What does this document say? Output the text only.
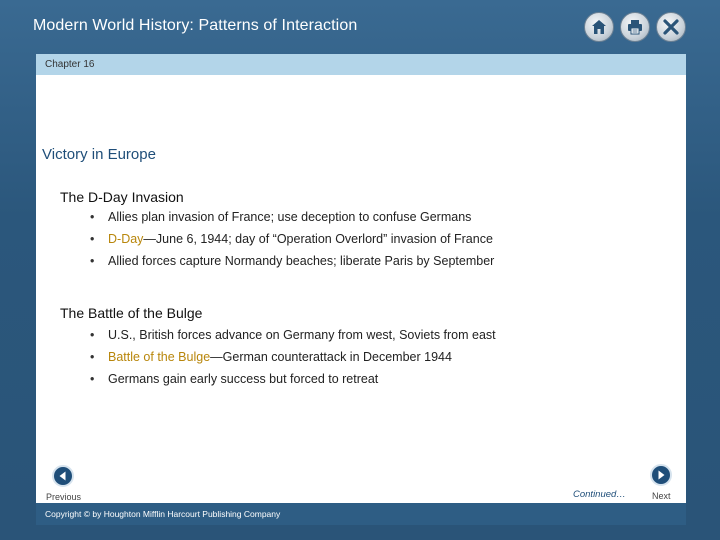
Modern World History: Patterns of Interaction
Chapter 16
Victory in Europe
The D-Day Invasion
• Allies plan invasion of France; use deception to confuse Germans
• D-Day—June 6, 1944; day of “Operation Overlord” invasion of France
• Allied forces capture Normandy beaches; liberate Paris by September
The Battle of the Bulge
• U.S., British forces advance on Germany from west, Soviets from east
• Battle of the Bulge—German counterattack in December 1944
• Germans gain early success but forced to retreat
Previous	Continued…	Next
Copyright © by Houghton Mifflin Harcourt Publishing Company
